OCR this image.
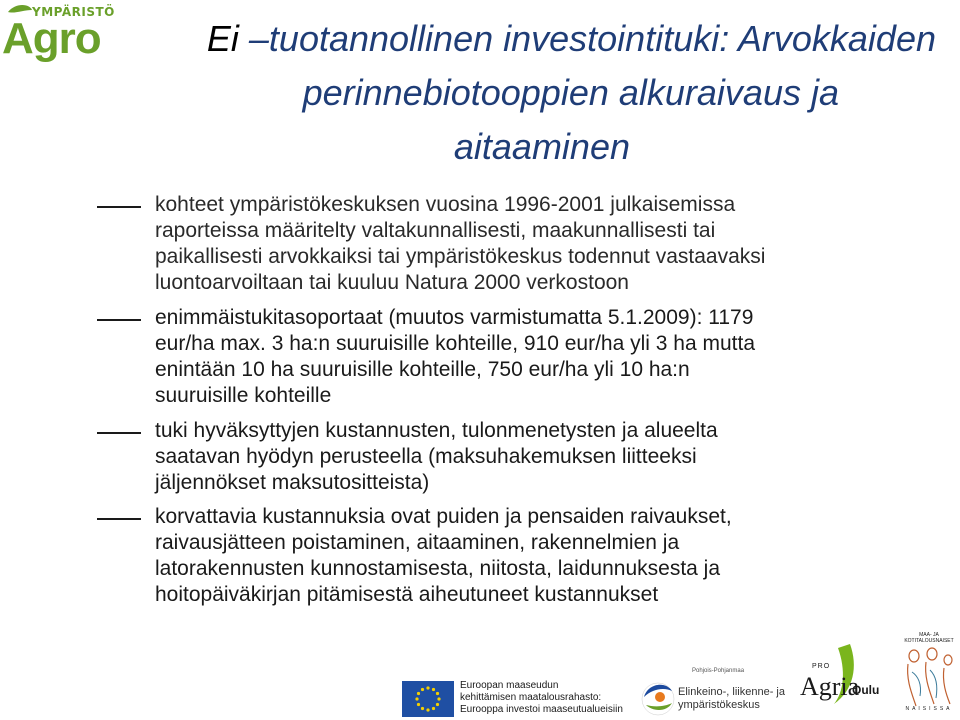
YMPÄRISTÖ
Agro	Ei –tuotannollinen investointituki: Arvokkaiden
perinnebiotooppien alkuraivaus ja
aitaaminen
kohteet ympäristökeskuksen vuosina 1996-2001 julkaisemissa
raporteissa määritelty valtakunnallisesti, maakunnallisesti tai
paikallisesti arvokkaiksi tai ympäristökeskus todennut vastaavaksi
luontoarvoiltaan tai kuuluu Natura 2000 verkostoon
enimmäistukitasoportaat (muutos varmistumatta 5.1.2009): 1179
eur/ha max. 3 ha:n suuruisille kohteille, 910 eur/ha yli 3 ha mutta
enintään 10 ha suuruisille kohteille, 750 eur/ha yli 10 ha:n
suuruisille kohteille
tuki hyväksyttyjen kustannusten, tulonmenetysten ja alueelta
saatavan hyödyn perusteella (maksuhakemuksen liitteeksi
jäljennökset maksutositteista)
korvattavia kustannuksia ovat puiden ja pensaiden raivaukset,
raivausjätteen poistaminen, aitaaminen, rakennelmien ja
latorakennusten kunnostamisesta, niitosta, laidunnuksesta ja
hoitopäiväkirjan pitämisestä aiheutuneet kustannukset
Euroopan maaseudun
kehittämisen maatalousrahasto:
Eurooppa investoi maaseutualueisiin
Pohjois-Pohjanmaa
Elinkeino-, liikenne- ja
ympäristökeskus
PRO
Agria
Oulu
MAA- JA KOTITALOUSNAISET
NAISISSA
